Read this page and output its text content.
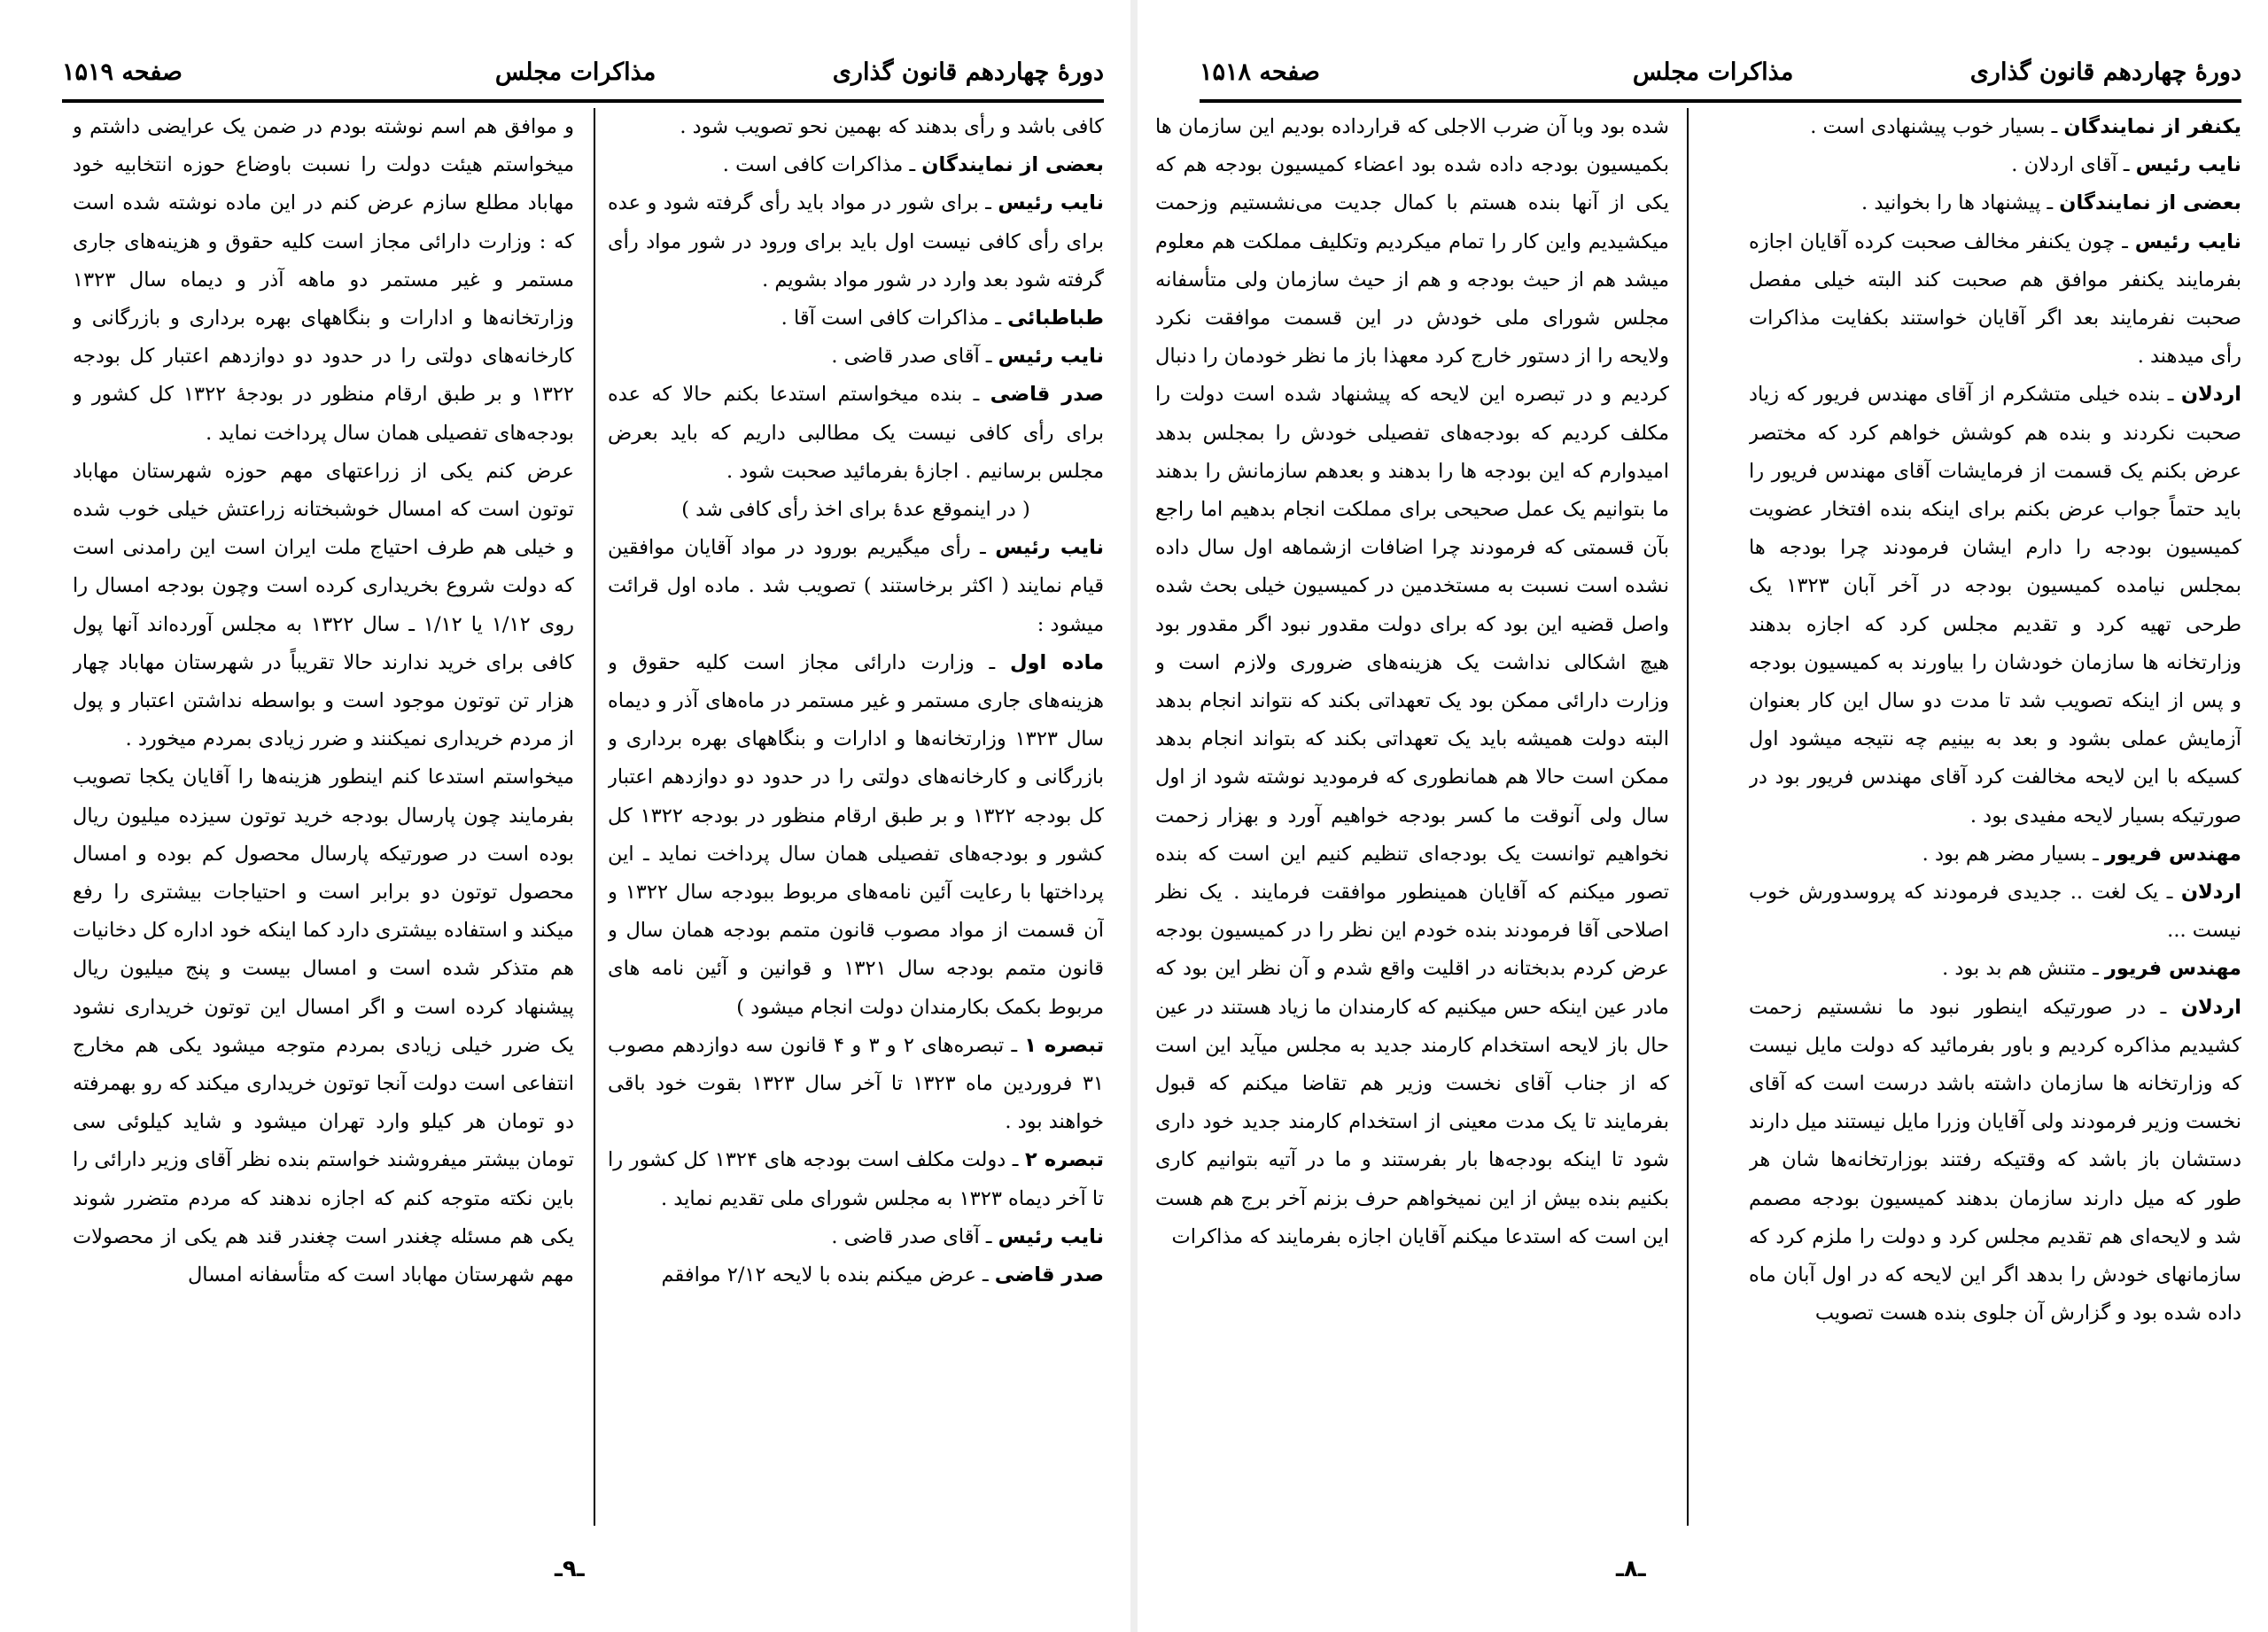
دورهٔ چهاردهم قانون گذاری
مذاکرات مجلس
صفحه ۱۵۱۹

کافی باشد و رأی بدهند که بهمین نحو تصویب شود .

بعضی از نمایندگان ـ مذاکرات کافی است .

نایب رئیس ـ برای شور در مواد باید رأی گرفته شود و عده برای رأی کافی نیست اول باید برای ورود در شور مواد رأی گرفته شود بعد وارد در شور مواد بشویم .

طباطبائی ـ مذاکرات کافی است آقا .

نایب رئیس ـ آقای صدر قاضی .

صدر قاضی ـ بنده میخواستم استدعا بکنم حالا که عده برای رأی کافی نیست یک مطالبی داریم که باید بعرض مجلس برسانیم . اجازهٔ بفرمائید صحبت شود .

( در اینموقع عدهٔ برای اخذ رأی کافی شد )

نایب رئیس ـ رأی میگیریم بورود در مواد آقایان موافقین قیام نمایند ( اکثر برخاستند ) تصویب شد . ماده اول قرائت میشود :

ماده اول ـ وزارت دارائی مجاز است کلیه حقوق و هزینه‌های جاری مستمر و غیر مستمر در ماه‌های آذر و دیماه سال ۱۳۲۳ وزارتخانه‌ها و ادارات و بنگاههای بهره برداری و بازرگانی و کارخانه‌های دولتی را در حدود دو دوازدهم اعتبار کل بودجه ۱۳۲۲ و بر طبق ارقام منظور در بودجه ۱۳۲۲ کل کشور و بودجه‌های تفصیلی همان سال پرداخت نماید ـ این پرداختها با رعایت آئین نامه‌های مربوط ببودجه سال ۱۳۲۲ و آن قسمت از مواد مصوب قانون متمم بودجه همان سال و قانون متمم بودجه سال ۱۳۲۱ و قوانین و آئین نامه های مربوط بکمک بکارمندان دولت انجام میشود )

تبصره ۱ ـ تبصره‌های ۲ و ۳ و ۴ قانون سه دوازدهم مصوب ۳۱ فروردین ماه ۱۳۲۳ تا آخر سال ۱۳۲۳ بقوت خود باقی خواهند بود .

تبصره ۲ ـ دولت مکلف است بودجه های ۱۳۲۴ کل کشور را تا آخر دیماه ۱۳۲۳ به مجلس شورای ملی تقدیم نماید .

نایب رئیس ـ آقای صدر قاضی .

صدر قاضی ـ عرض میکنم بنده با لایحه ۲/۱۲ موافقم

و موافق هم اسم نوشته بودم در ضمن یک عرایضی داشتم و میخواستم هیئت دولت را نسبت باوضاع حوزه انتخابیه خود مهاباد مطلع سازم عرض کنم در این ماده نوشته شده است که : وزارت دارائی مجاز است کلیه حقوق و هزینه‌های جاری مستمر و غیر مستمر دو ماهه آذر و دیماه سال ۱۳۲۳ وزارتخانه‌ها و ادارات و بنگاههای بهره برداری و بازرگانی و کارخانه‌های دولتی را در حدود دو دوازدهم اعتبار کل بودجه ۱۳۲۲ و بر طبق ارقام منظور در بودجهٔ ۱۳۲۲ کل کشور و بودجه‌های تفصیلی همان سال پرداخت نماید .

عرض کنم یکی از زراعتهای مهم حوزه شهرستان مهاباد توتون است که امسال خوشبختانه زراعتش خیلی خوب شده و خیلی هم طرف احتیاج ملت ایران است این رامدنی است که دولت شروع بخریداری کرده است وچون بودجه امسال را روی ۱/۱۲ یا ۱/۱۲ ـ سال ۱۳۲۲ به مجلس آورده‌اند آنها پول کافی برای خرید ندارند حالا تقریباً در شهرستان مهاباد چهار هزار تن توتون موجود است و بواسطه نداشتن اعتبار و پول از مردم خریداری نمیکنند و ضرر زیادی بمردم میخورد .

میخواستم استدعا کنم اینطور هزینه‌ها را آقایان یکجا تصویب بفرمایند چون پارسال بودجه خرید توتون سیزده میلیون ریال بوده است در صورتیکه پارسال محصول کم بوده و امسال محصول توتون دو برابر است و احتیاجات بیشتری را رفع میکند و استفاده بیشتری دارد کما اینکه خود اداره کل دخانیات هم متذکر شده است و امسال بیست و پنج میلیون ریال پیشنهاد کرده است و اگر امسال این توتون خریداری نشود یک ضرر خیلی زیادی بمردم متوجه میشود یکی هم مخارج انتفاعی است دولت آنجا توتون خریداری میکند که رو بهمرفته دو تومان هر کیلو وارد تهران میشود و شاید کیلوئی سی تومان بیشتر میفروشند خواستم بنده نظر آقای وزیر دارائی را باین نکته متوجه کنم که اجازه ندهند که مردم متضرر شوند یکی هم مسئله چغندر است چغندر قند هم یکی از محصولات مهم شهرستان مهاباد است که متأسفانه امسال

ـ۹ـ
دورهٔ چهاردهم قانون گذاری
مذاکرات مجلس
صفحه ۱۵۱۸

یکنفر از نمایندگان ـ بسیار خوب پیشنهادی است .

نایب رئیس ـ آقای اردلان .

بعضی از نمایندگان ـ پیشنهاد ها را بخوانید .

نایب رئیس ـ چون یکنفر مخالف صحبت کرده آقایان اجازه بفرمایند یکنفر موافق هم صحبت کند البته خیلی مفصل صحبت نفرمایند بعد اگر آقایان خواستند بکفایت مذاکرات رأی میدهند .

اردلان ـ بنده خیلی متشکرم از آقای مهندس فریور که زیاد صحبت نکردند و بنده هم کوشش خواهم کرد که مختصر عرض بکنم یک قسمت از فرمایشات آقای مهندس فریور را باید حتماً جواب عرض بکنم برای اینکه بنده افتخار عضویت کمیسیون بودجه را دارم ایشان فرمودند چرا بودجه ها بمجلس نیامده کمیسیون بودجه در آخر آبان ۱۳۲۳ یک طرحی تهیه کرد و تقدیم مجلس کرد که اجازه بدهند وزارتخانه ها سازمان خودشان را بیاورند به کمیسیون بودجه و پس از اینکه تصویب شد تا مدت دو سال این کار بعنوان آزمایش عملی بشود و بعد به بینیم چه نتیجه میشود اول کسیکه با این لایحه مخالفت کرد آقای مهندس فریور بود در صورتیکه بسیار لایحه مفیدی بود .

مهندس فریور ـ بسیار مضر هم بود .

اردلان ـ یک لغت .. جدیدی فرمودند که پروسدورش خوب نیست ...

مهندس فریور ـ متنش هم بد بود .

اردلان ـ در صورتیکه اینطور نبود ما نشستیم زحمت کشیدیم مذاکره کردیم و باور بفرمائید که دولت مایل نیست که وزارتخانه ها سازمان داشته باشد درست است که آقای نخست وزیر فرمودند ولی آقایان وزرا مایل نیستند میل دارند دستشان باز باشد که وقتیکه رفتند بوزارتخانه‌ها شان هر طور که میل دارند سازمان بدهند کمیسیون بودجه مصمم شد و لایحه‌ای هم تقدیم مجلس کرد و دولت را ملزم کرد که سازمانهای خودش را بدهد اگر این لایحه که در اول آبان ماه داده شده بود و گزارش آن جلوی بنده هست تصویب

شده بود وبا آن ضرب الاجلی که قرارداده بودیم این سازمان ها بکمیسیون بودجه داده شده بود اعضاء کمیسیون بودجه هم که یکی از آنها بنده هستم با کمال جدیت می‌نشستیم وزحمت میکشیدیم واین کار را تمام میکردیم وتکلیف مملکت هم معلوم میشد هم از حیث بودجه و هم از حیث سازمان ولی متأسفانه مجلس شورای ملی خودش در این قسمت موافقت نکرد ولایحه را از دستور خارج کرد معهذا باز ما نظر خودمان را دنبال کردیم و در تبصره این لایحه که پیشنهاد شده است دولت را مکلف کردیم که بودجه‌های تفصیلی خودش را بمجلس بدهد امیدوارم که این بودجه ها را بدهند و بعدهم سازمانش را بدهند ما بتوانیم یک عمل صحیحی برای مملکت انجام بدهیم اما راجع بآن قسمتی که فرمودند چرا اضافات ازشماهه اول سال داده نشده است نسبت به مستخدمین در کمیسیون خیلی بحث شده واصل قضیه این بود که برای دولت مقدور نبود اگر مقدور بود هیچ اشکالی نداشت یک هزینه‌های ضروری ولازم است و وزارت دارائی ممکن بود یک تعهداتی بکند که نتواند انجام بدهد البته دولت همیشه باید یک تعهداتی بکند که بتواند انجام بدهد ممکن است حالا هم همانطوری که فرمودید نوشته شود از اول سال ولی آنوقت ما کسر بودجه خواهیم آورد و بهزار زحمت نخواهیم توانست یک بودجه‌ای تنظیم کنیم این است که بنده تصور میکنم که آقایان همینطور موافقت فرمایند . یک نظر اصلاحی آقا فرمودند بنده خودم این نظر را در کمیسیون بودجه عرض کردم بدبختانه در اقلیت واقع شدم و آن نظر این بود که مادر عین اینکه حس میکنیم که کارمندان ما زیاد هستند در عین حال باز لایحه استخدام کارمند جدید به مجلس میآید این است که از جناب آقای نخست وزیر هم تقاضا میکنم که قبول بفرمایند تا یک مدت معینی از استخدام کارمند جدید خود داری شود تا اینکه بودجه‌ها بار بفرستند و ما در آتیه بتوانیم کاری بکنیم بنده بیش از این نمیخواهم حرف بزنم آخر برج هم هست این است که استدعا میکنم آقایان اجازه بفرمایند که مذاکرات

ـ۸ـ
